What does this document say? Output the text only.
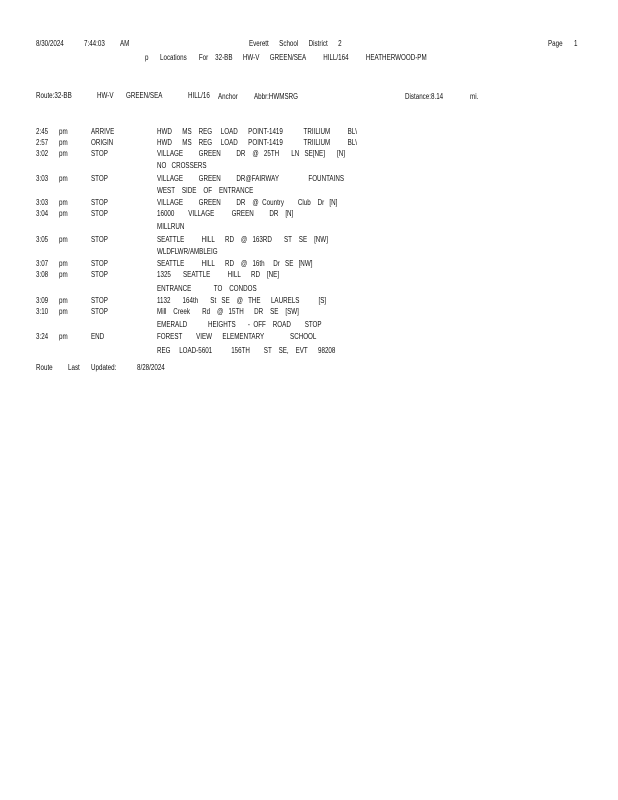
8/30/2024	7:44:03 AM	Everett      School      District      2	Page 1
p Locations       For    32-BB      HW-V      GREEN/SEA          HILL/164          HEATHERWOOD-PM
Route:32-BB	HW-V GREEN/SEA	HILL/16 Anchor Abbr:HWMSRG	Distance:8.14	mi.
2:45 pm	ARRIVE	HWD      MS    REG     LOAD      POINT-1419            TRIILIUM          BL\
2:57 pm	ORIGIN	HWD      MS    REG     LOAD      POINT-1419            TRIILIUM          BL\
3:02 pm	STOP	VILLAGE         GREEN         DR    @   25TH       LN   SE[NE]       [N]
NO   CROSSERS
3:03 pm	STOP	VILLAGE         GREEN         DR@FAIRWAY                 FOUNTAINS
WEST    SIDE    OF    ENTRANCE
3:03 pm	STOP	VILLAGE         GREEN         DR    @  Country        Club    Dr   [N]
3:04 pm	STOP	16000        VILLAGE          GREEN         DR    [N]
MILLRUN
3:05 pm	STOP	SEATTLE          HILL      RD    @   163RD       ST    SE    [NW]
WLDFLWR/AMBLEIG
3:07 pm	STOP	SEATTLE          HILL      RD    @   16th     Dr   SE   [NW]
3:08 pm	STOP	1325       SEATTLE          HILL      RD    [NE]
ENTRANCE             TO    CONDOS
3:09 pm	STOP	1132       164th       St   SE    @   THE      LAURELS           [S]
3:10 pm	STOP	Mill    Creek       Rd    @   15TH      DR    SE    [SW]
EMERALD            HEIGHTS       -  OFF    ROAD        STOP
3:24 pm	END	FOREST        VIEW      ELEMENTARY               SCHOOL
REG     LOAD-5601           156TH        ST    SE,    EVT      98208
Route Last Updated:	8/28/2024
